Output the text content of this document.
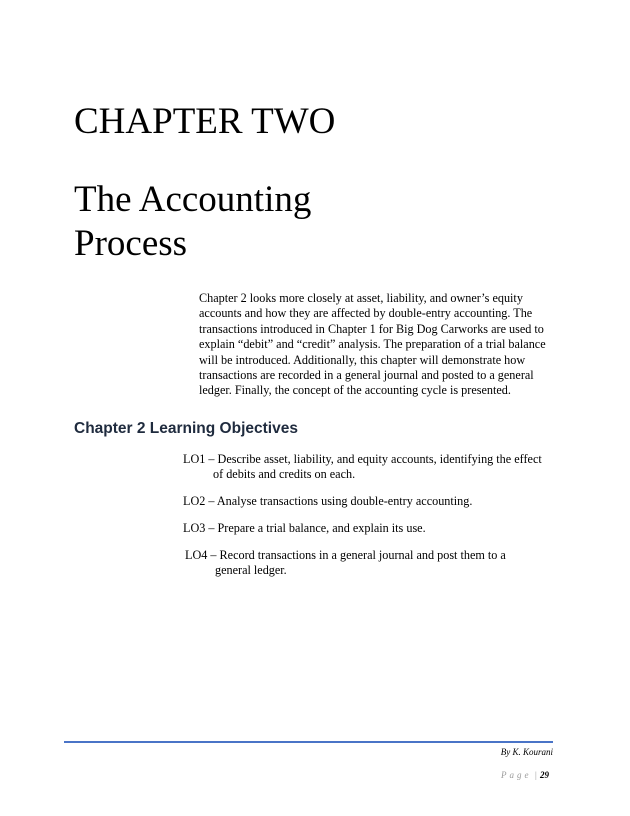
CHAPTER TWO
The Accounting Process

Chapter 2 looks more closely at asset, liability, and owner’s equity accounts and how they are affected by double-entry accounting. The transactions introduced in Chapter 1 for Big Dog Carworks are used to explain “debit” and “credit” analysis. The preparation of a trial balance will be introduced. Additionally, this chapter will demonstrate how transactions are recorded in a general journal and posted to a general ledger. Finally, the concept of the accounting cycle is presented.

Chapter 2 Learning Objectives
LO1 – Describe asset, liability, and equity accounts, identifying the effect of debits and credits on each.
LO2 – Analyse transactions using double-entry accounting.
LO3 – Prepare a trial balance, and explain its use.
LO4 – Record transactions in a general journal and post them to a general ledger.
By K. Kourani
Page | 29
